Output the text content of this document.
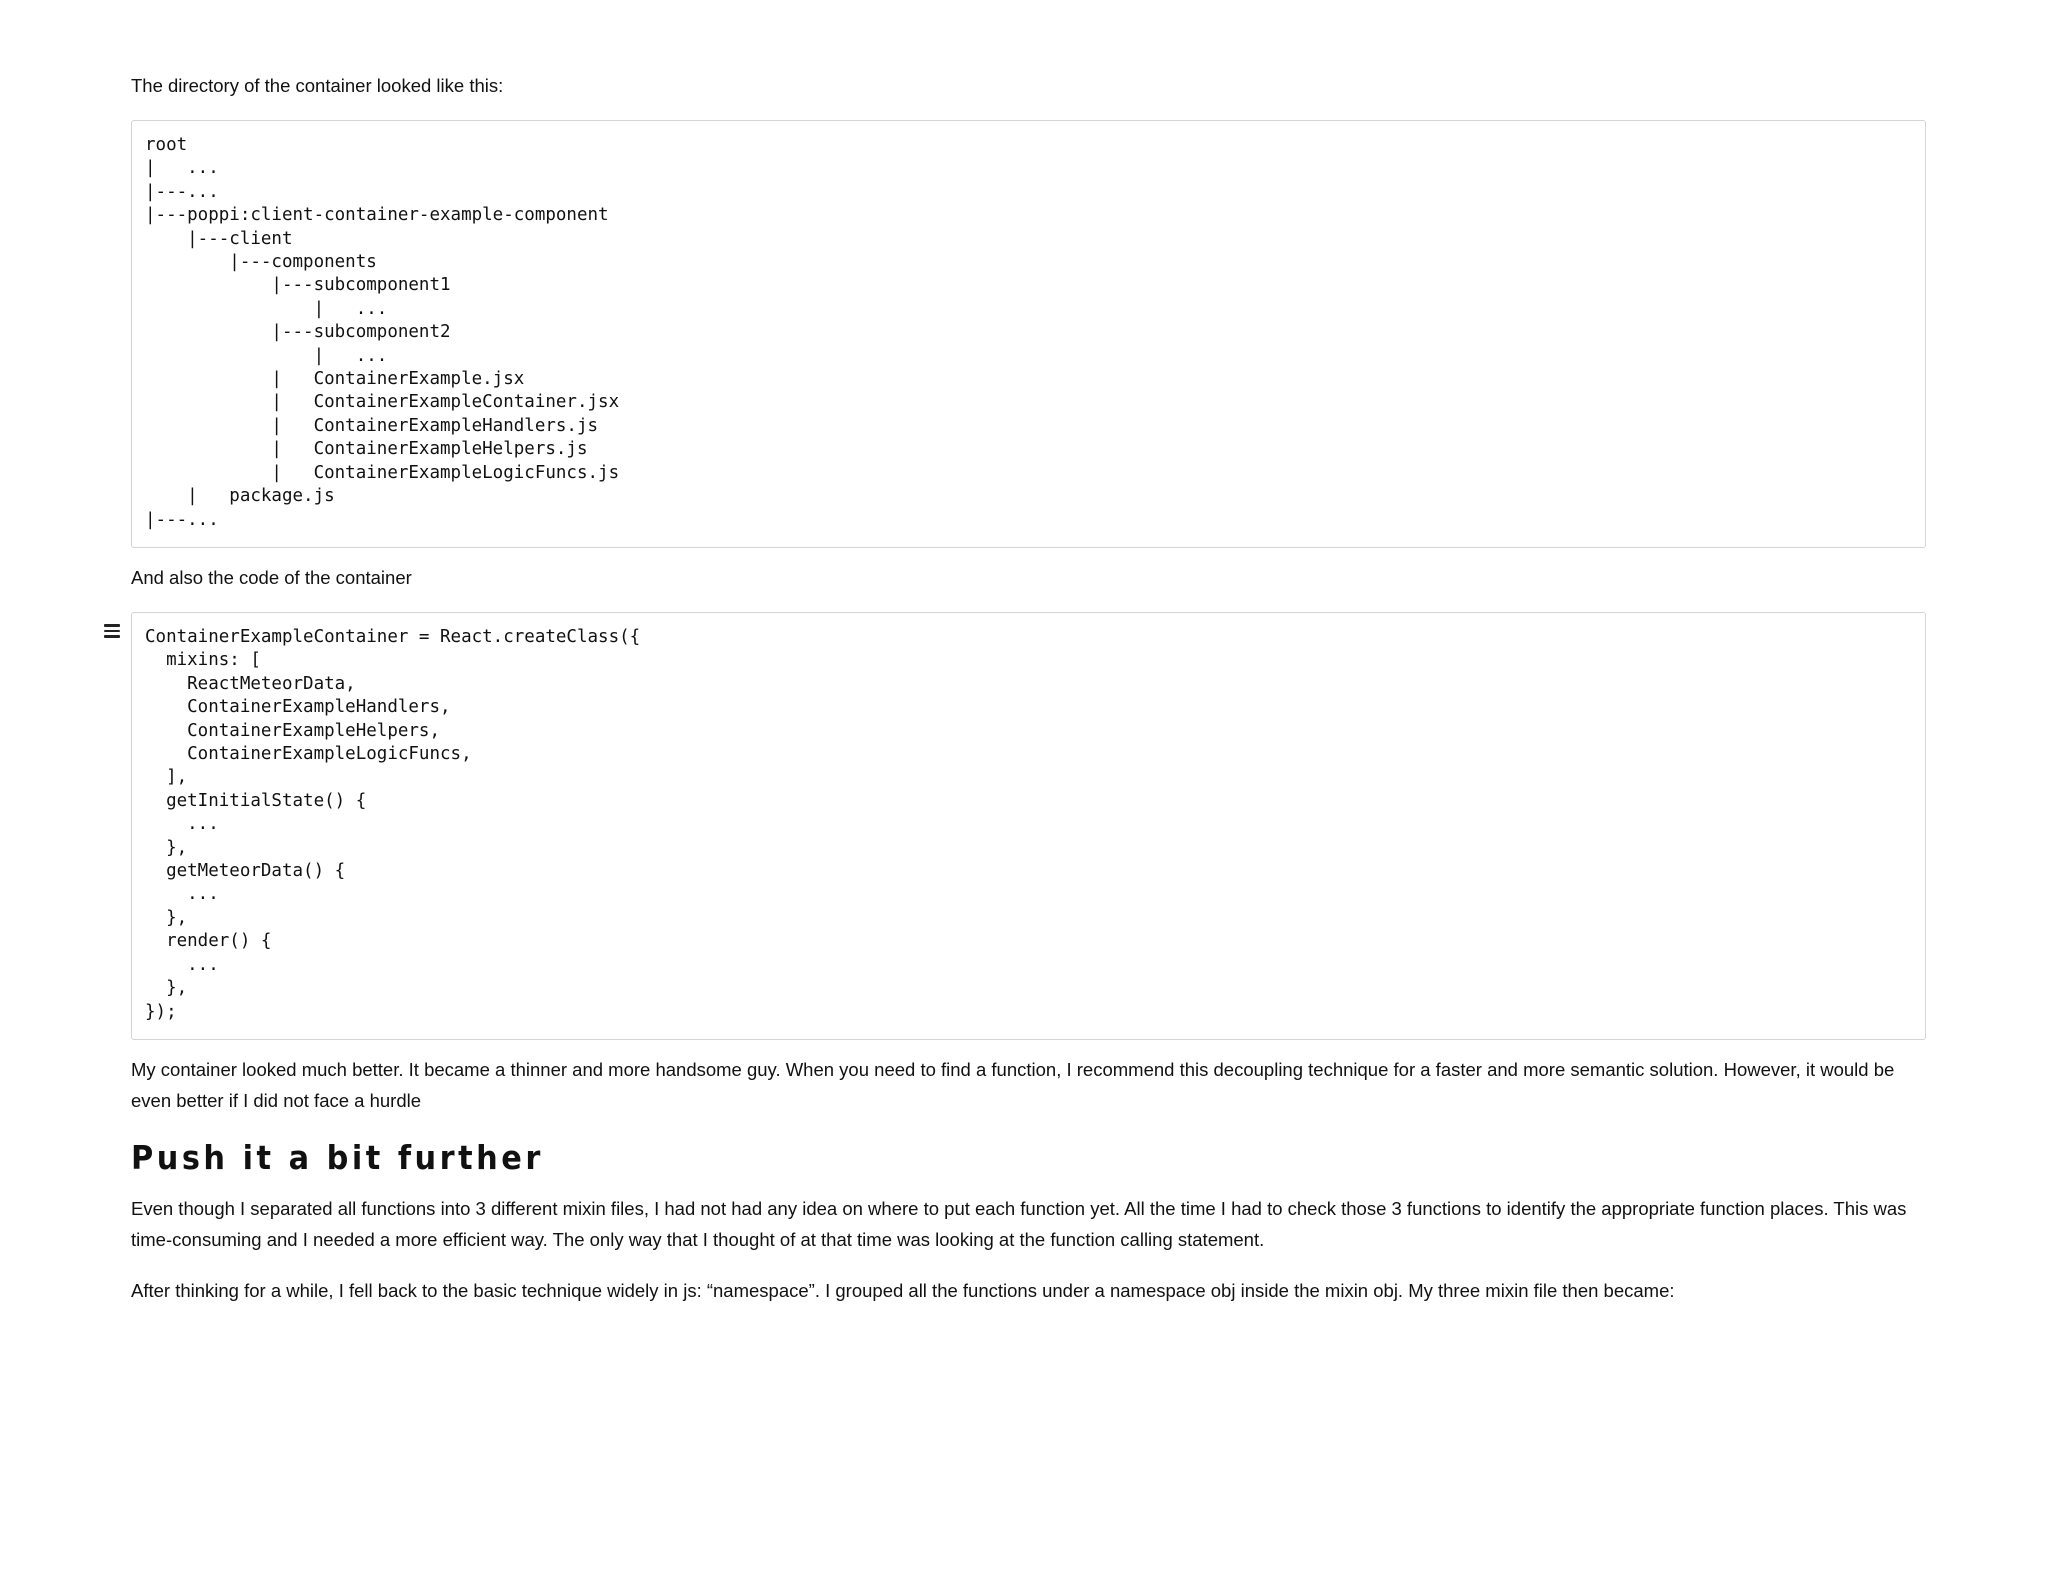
The directory of the container looked like this:

root
|   ...
|---...
|---poppi:client-container-example-component
|---client
|---components
|---subcomponent1
|   ...
|---subcomponent2
|   ...
|   ContainerExample.jsx
|   ContainerExampleContainer.jsx
|   ContainerExampleHandlers.js
|   ContainerExampleHelpers.js
|   ContainerExampleLogicFuncs.js
|   package.js
|---...

And also the code of the container

ContainerExampleContainer = React.createClass({
mixins: [
ReactMeteorData,
ContainerExampleHandlers,
ContainerExampleHelpers,
ContainerExampleLogicFuncs,
],
getInitialState() {
...
},
getMeteorData() {
...
},
render() {
...
},
});

My container looked much better. It became a thinner and more handsome guy. When you need to find a function, I recommend this decoupling technique for a faster and more semantic solution. However, it would be even better if I did not face a hurdle

Push it a bit further

Even though I separated all functions into 3 different mixin files, I had not had any idea on where to put each function yet. All the time I had to check those 3 functions to identify the appropriate function places. This was time-consuming and I needed a more efficient way. The only way that I thought of at that time was looking at the function calling statement.

After thinking for a while, I fell back to the basic technique widely in js: “namespace”. I grouped all the functions under a namespace obj inside the mixin obj. My three mixin file then became:
